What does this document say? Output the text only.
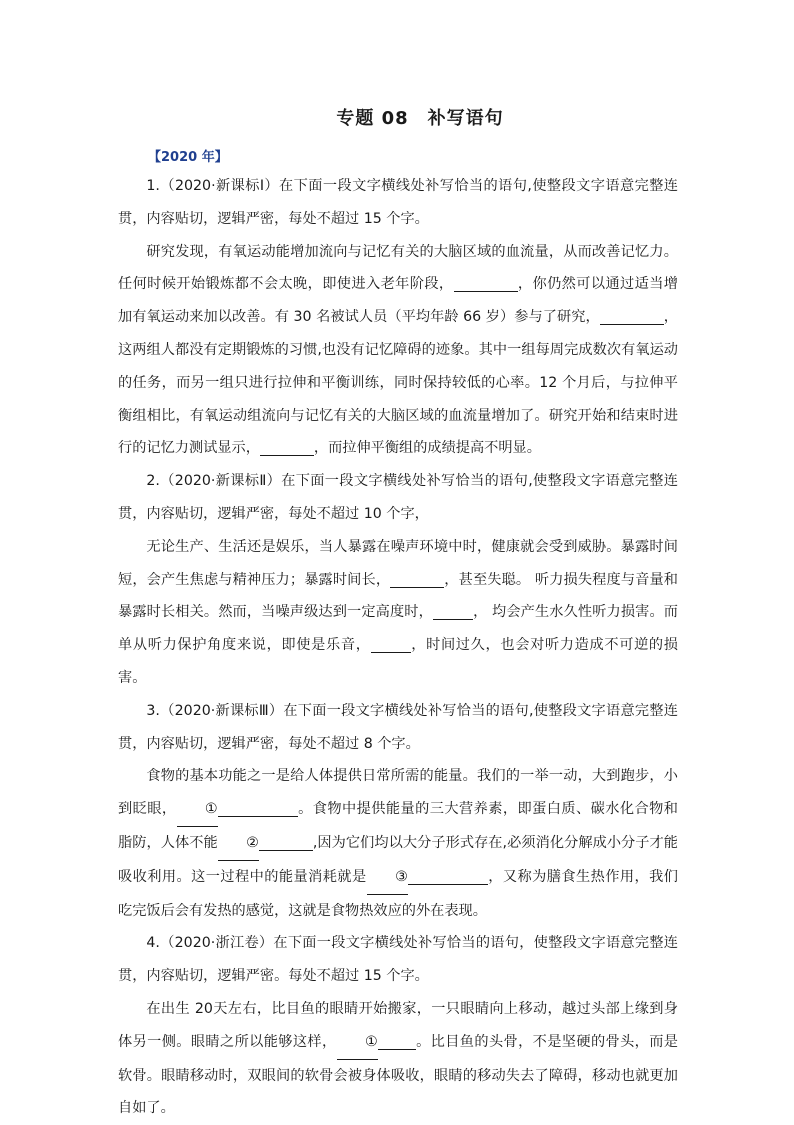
专题 08　补写语句
【2020 年】

1.（2020·新课标Ⅰ）在下面一段文字横线处补写恰当的语句,使整段文字语意完整连贯，内容贴切，逻辑严密，每处不超过 15 个字。

研究发现，有氧运动能增加流向与记忆有关的大脑区域的血流量，从而改善记忆力。任何时候开始锻炼都不会太晚，即使进入老年阶段，	，你仍然可以通过适当增加有氧运动来加以改善。有 30 名被试人员（平均年龄 66 岁）参与了研究，	，这两组人都没有定期锻炼的习惯,也没有记忆障碍的迹象。其中一组每周完成数次有氧运动的任务，而另一组只进行拉伸和平衡训练，同时保持较低的心率。12 个月后，与拉伸平衡组相比，有氧运动组流向与记忆有关的大脑区域的血流量增加了。研究开始和结束时进行的记忆力测试显示，	，而拉伸平衡组的成绩提高不明显。

2.（2020·新课标Ⅱ）在下面一段文字横线处补写恰当的语句,使整段文字语意完整连贯，内容贴切，逻辑严密，每处不超过 10 个字，

无论生产、生活还是娱乐，当人暴露在噪声环境中时，健康就会受到威胁。暴露时间短，会产生焦虑与精神压力；暴露时间长，	，甚至失聪。 听力损失程度与音量和暴露时长相关。然而，当噪声级达到一定高度时，	， 均会产生水久性听力损害。而单从听力保护角度来说，即使是乐音，	，时间过久，也会对听力造成不可逆的损害。

3.（2020·新课标Ⅲ）在下面一段文字横线处补写恰当的语句,使整段文字语意完整连贯，内容贴切，逻辑严密，每处不超过 8 个字。

食物的基本功能之一是给人体提供日常所需的能量。我们的一举一动，大到跑步，小到眨眼， ①	。食物中提供能量的三大营养素，即蛋白质、碳水化合物和脂防，人体不能 ②	,因为它们均以大分子形式存在,必须消化分解成小分子才能吸收利用。这一过程中的能量消耗就是 ③	，又称为膳食生热作用，我们吃完饭后会有发热的感觉，这就是食物热效应的外在表现。

4.（2020·浙江卷）在下面一段文字横线处补写恰当的语句，使整段文字语意完整连贯，内容贴切，逻辑严密。每处不超过 15 个字。

在出生 20天左右，比目鱼的眼睛开始搬家，一只眼睛向上移动，越过头部上缘到身体另一侧。眼睛之所以能够这样， ①	。比目鱼的头骨，不是坚硬的骨头，而是软骨。眼睛移动时，双眼间的软骨会被身体吸收，眼睛的移动失去了障碍，移动也就更加自如了。
